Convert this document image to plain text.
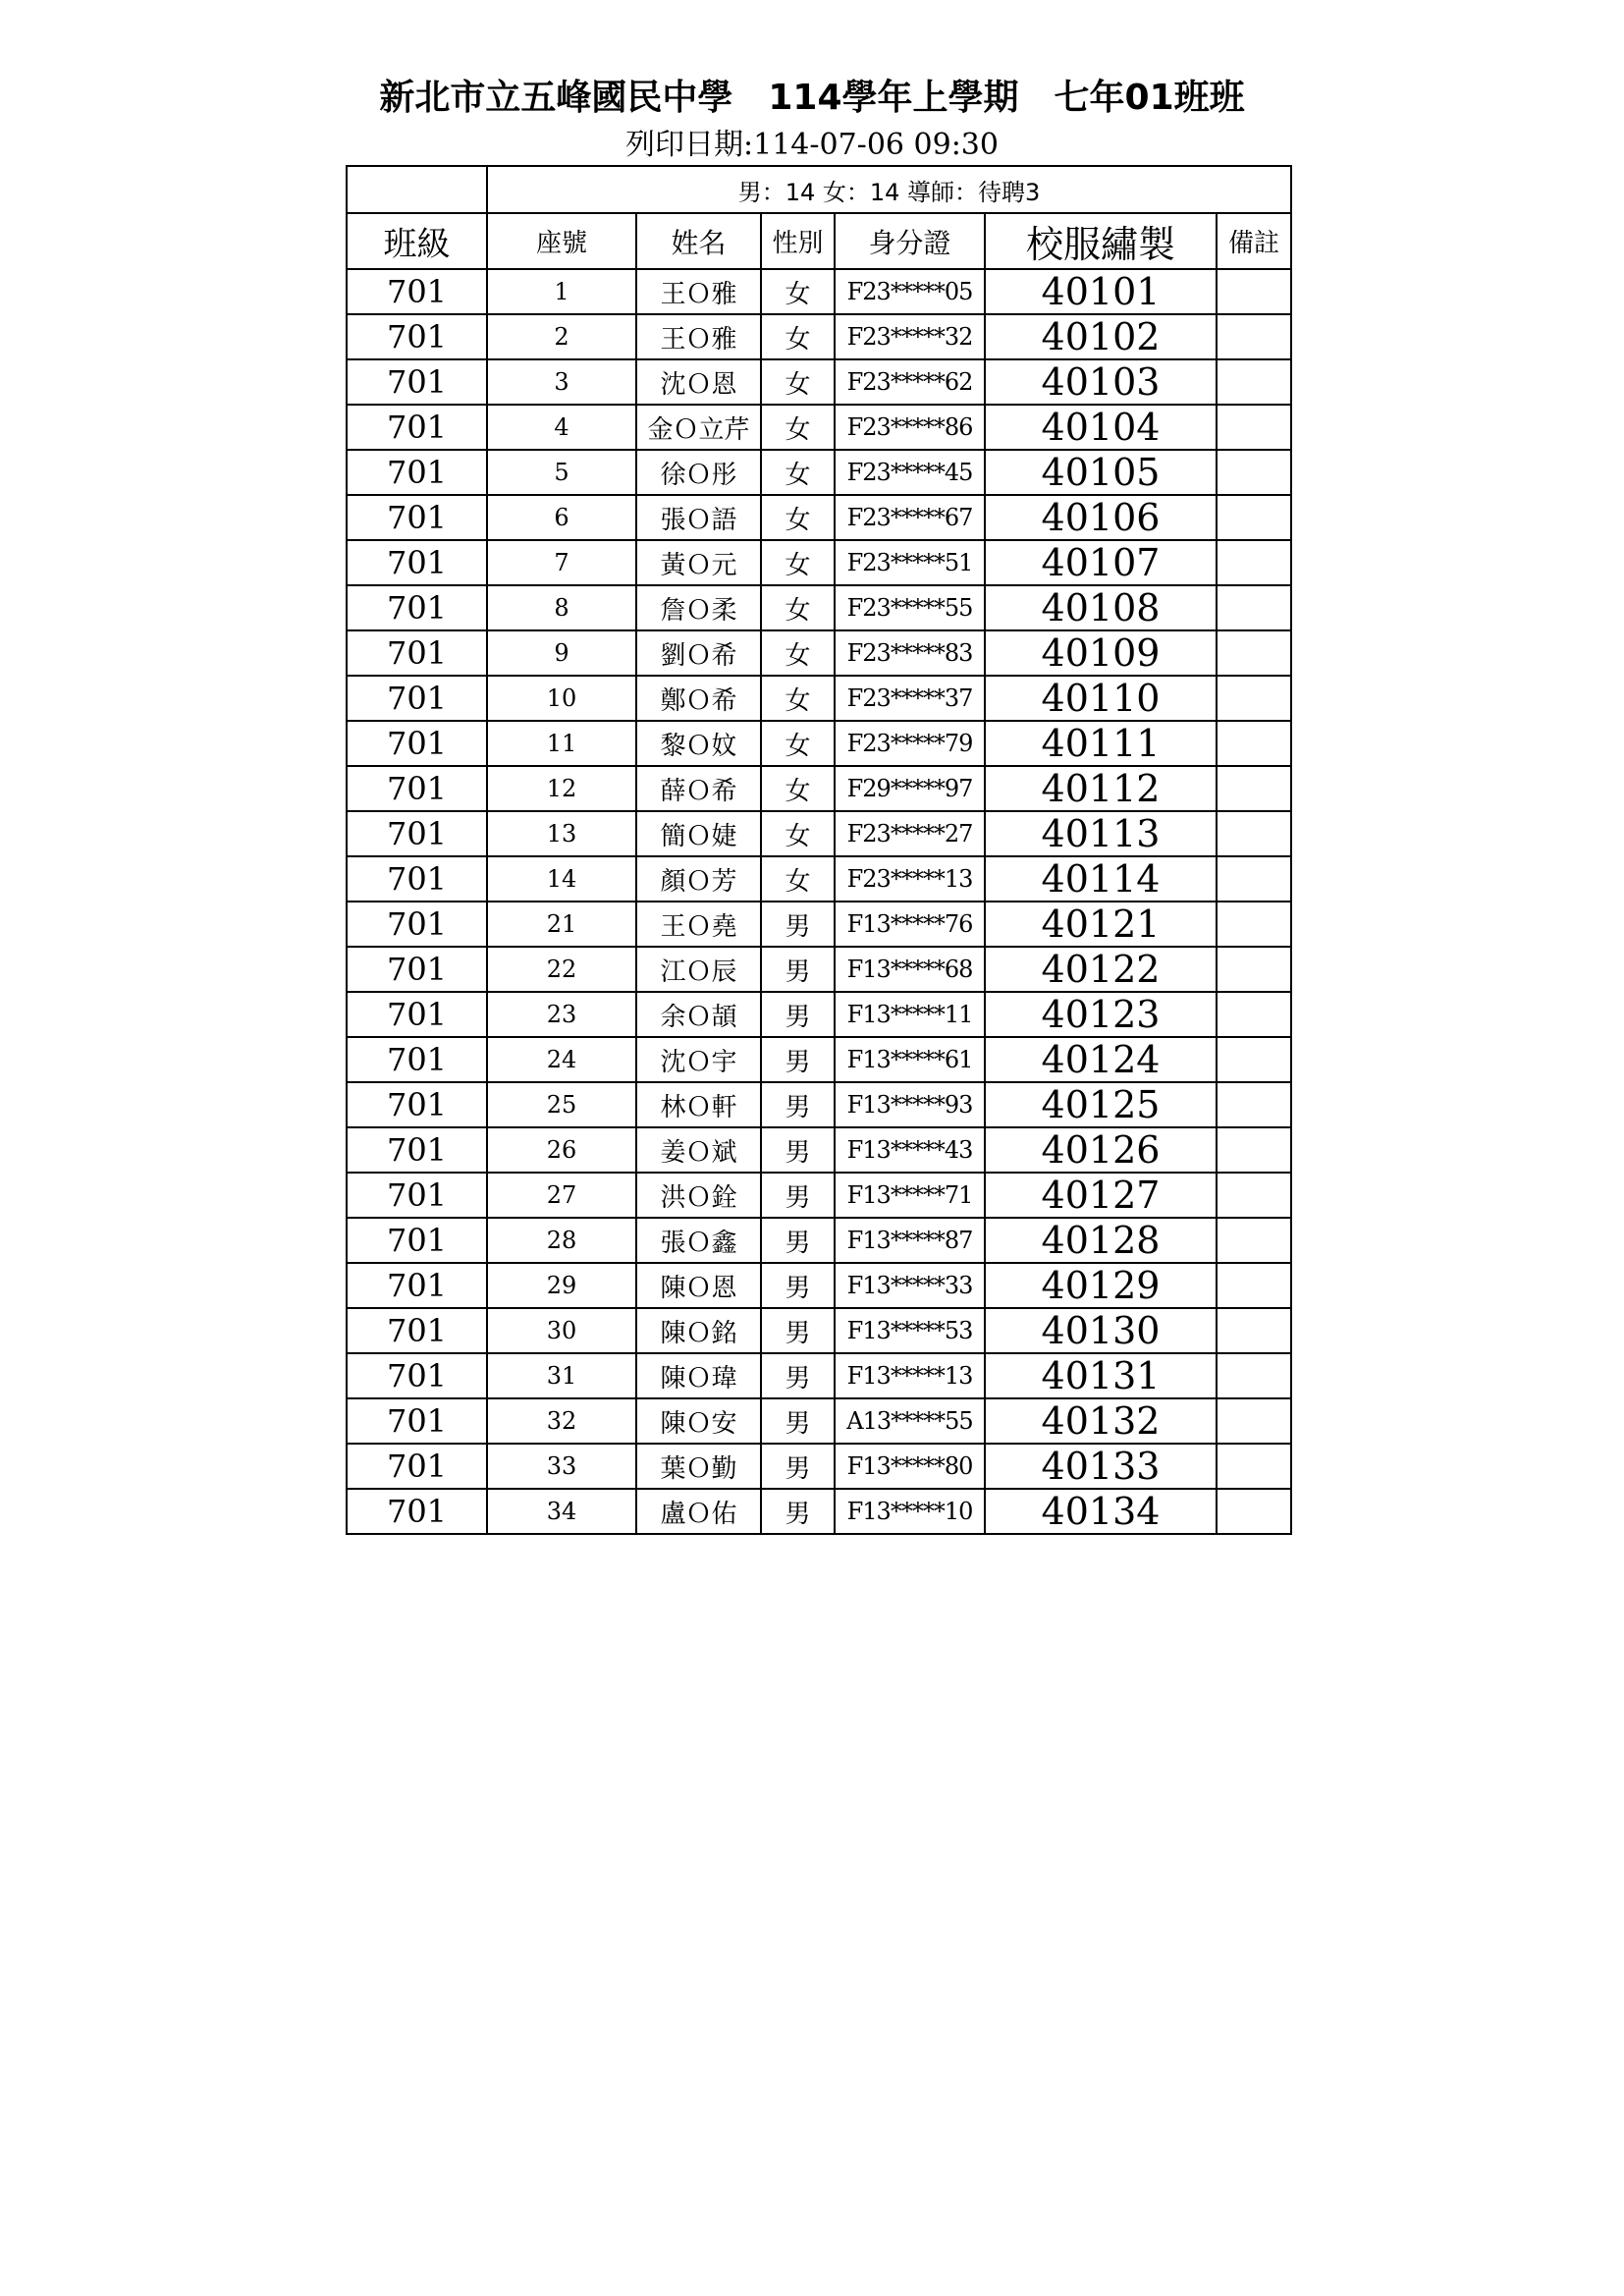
新北市立五峰國民中學　114學年上學期　七年01班班
列印日期:114-07-06 09:30
	男：14 女：14 導師：待聘3					
班級	座號	姓名	性別	身分證	校服繡製	備註
701	1	王Ｏ雅	女	F23*****05	40101	
701	2	王Ｏ雅	女	F23*****32	40102	
701	3	沈Ｏ恩	女	F23*****62	40103	
701	4	金Ｏ立芹	女	F23*****86	40104	
701	5	徐Ｏ彤	女	F23*****45	40105	
701	6	張Ｏ語	女	F23*****67	40106	
701	7	黃Ｏ元	女	F23*****51	40107	
701	8	詹Ｏ柔	女	F23*****55	40108	
701	9	劉Ｏ希	女	F23*****83	40109	
701	10	鄭Ｏ希	女	F23*****37	40110	
701	11	黎Ｏ妏	女	F23*****79	40111	
701	12	薛Ｏ希	女	F29*****97	40112	
701	13	簡Ｏ婕	女	F23*****27	40113	
701	14	顏Ｏ芳	女	F23*****13	40114	
701	21	王Ｏ堯	男	F13*****76	40121	
701	22	江Ｏ辰	男	F13*****68	40122	
701	23	余Ｏ頡	男	F13*****11	40123	
701	24	沈Ｏ宇	男	F13*****61	40124	
701	25	林Ｏ軒	男	F13*****93	40125	
701	26	姜Ｏ斌	男	F13*****43	40126	
701	27	洪Ｏ銓	男	F13*****71	40127	
701	28	張Ｏ鑫	男	F13*****87	40128	
701	29	陳Ｏ恩	男	F13*****33	40129	
701	30	陳Ｏ銘	男	F13*****53	40130	
701	31	陳Ｏ瑋	男	F13*****13	40131	
701	32	陳Ｏ安	男	A13*****55	40132	
701	33	葉Ｏ勤	男	F13*****80	40133	
701	34	盧Ｏ佑	男	F13*****10	40134	
